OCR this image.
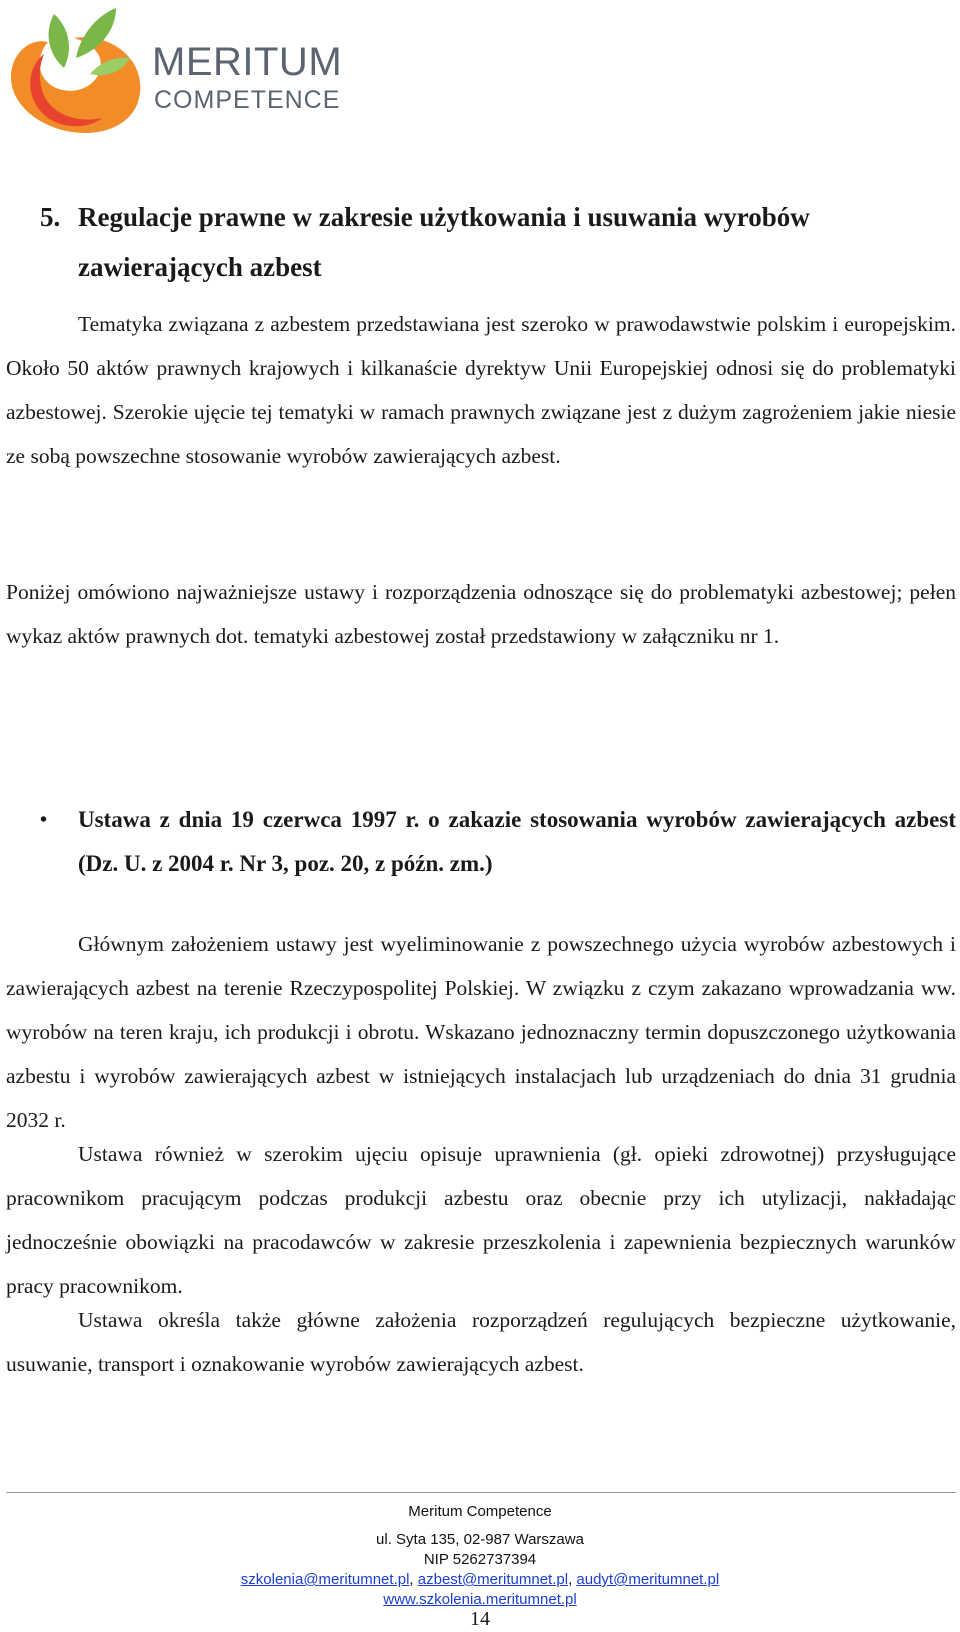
MERITUM
COMPETENCE
5. Regulacje prawne w zakresie użytkowania i usuwania wyrobów zawierających azbest

Tematyka związana z azbestem przedstawiana jest szeroko w prawodawstwie polskim i europejskim. Około 50 aktów prawnych krajowych i kilkanaście dyrektyw Unii Europejskiej odnosi się do problematyki azbestowej. Szerokie ujęcie tej tematyki w ramach prawnych związane jest z dużym zagrożeniem jakie niesie ze sobą powszechne stosowanie wyrobów zawierających azbest.

Poniżej omówiono najważniejsze ustawy i rozporządzenia odnoszące się do problematyki azbestowej; pełen wykaz aktów prawnych dot. tematyki azbestowej został przedstawiony w załączniku nr 1.

•	Ustawa z dnia 19 czerwca 1997 r. o zakazie stosowania wyrobów zawierających azbest (Dz. U. z 2004 r. Nr 3, poz. 20, z późn. zm.)

Głównym założeniem ustawy jest wyeliminowanie z powszechnego użycia wyrobów azbestowych i zawierających azbest na terenie Rzeczypospolitej Polskiej. W związku z czym zakazano wprowadzania ww. wyrobów na teren kraju, ich produkcji i obrotu. Wskazano jednoznaczny termin dopuszczonego użytkowania azbestu i wyrobów zawierających azbest w istniejących instalacjach lub urządzeniach do dnia 31 grudnia 2032 r.

Ustawa również w szerokim ujęciu opisuje uprawnienia (gł. opieki zdrowotnej) przysługujące pracownikom pracującym podczas produkcji azbestu oraz obecnie przy ich utylizacji, nakładając jednocześnie obowiązki na pracodawców w zakresie przeszkolenia i zapewnienia bezpiecznych warunków pracy pracownikom.

Ustawa określa także główne założenia rozporządzeń regulujących bezpieczne użytkowanie, usuwanie, transport i oznakowanie wyrobów zawierających azbest.

Meritum Competence
ul. Syta 135, 02-987 Warszawa
NIP 5262737394
szkolenia@meritumnet.pl, azbest@meritumnet.pl, audyt@meritumnet.pl
www.szkolenia.meritumnet.pl
14
